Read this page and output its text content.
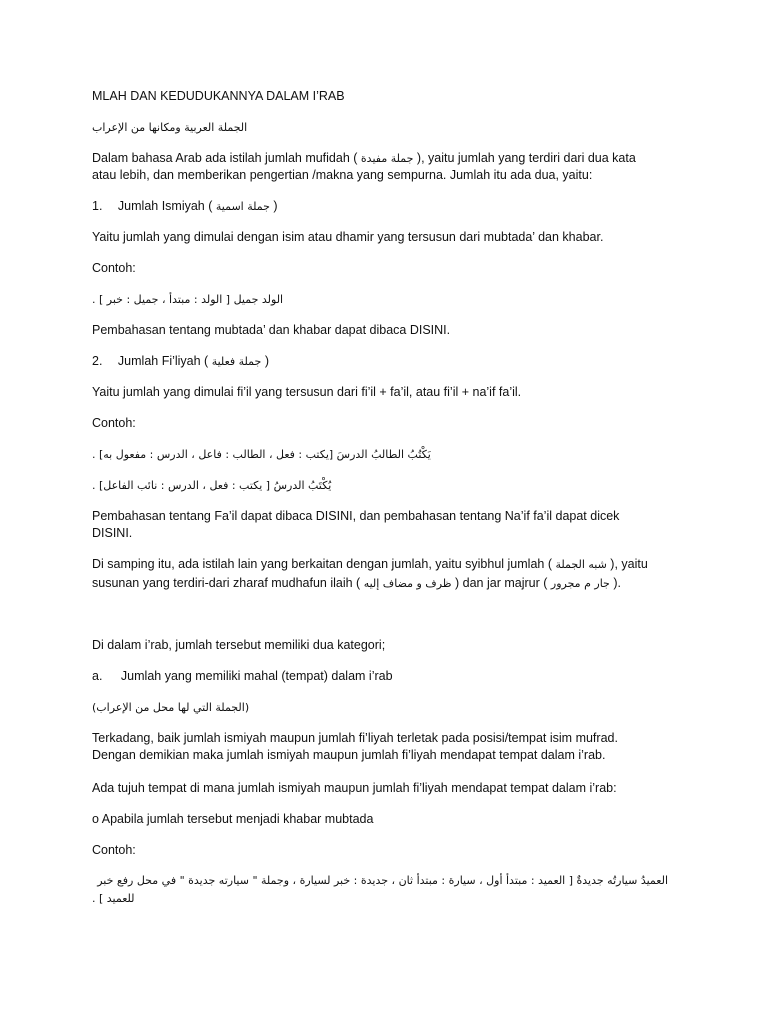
MLAH DAN KEDUDUKANNYA DALAM I’RAB
الجملة العربية ومكانها من الإعراب
Dalam bahasa Arab ada istilah jumlah mufidah ( جملة مفيدة ), yaitu jumlah yang terdiri dari dua kata
atau lebih, dan memberikan pengertian /makna yang sempurna. Jumlah itu ada dua, yaitu:
1. Jumlah Ismiyah ( جملة اسمية )
Yaitu jumlah yang dimulai dengan isim atau dhamir yang tersusun dari mubtada’ dan khabar.
Contoh:
الولد جميل [ الولد : مبتدأ ، جميل : خبر ] .
Pembahasan tentang mubtada’ dan khabar dapat dibaca DISINI.
2. Jumlah Fi’liyah ( جملة فعلية )
Yaitu jumlah yang dimulai fi’il yang tersusun dari fi’il + fa’il, atau fi’il + na’if fa’il.
Contoh:
يَكْتُبُ الطالبُ الدرسَ [يكتب : فعل ، الطالب : فاعل ، الدرس : مفعول به] .
يُكْتَبُ الدرسُ [ يكتب : فعل ، الدرس : نائب الفاعل] .
Pembahasan tentang Fa’il dapat dibaca DISINI, dan pembahasan tentang Na’if fa’il dapat dicek
DISINI.
Di samping itu, ada istilah lain yang berkaitan dengan jumlah, yaitu syibhul jumlah ( شبه الجملة ), yaitu
susunan yang terdiri-dari zharaf mudhafun ilaih ( ظرف و مضاف إليه ) dan jar majrur ( جار م مجرور ).
Di dalam i’rab, jumlah tersebut memiliki dua kategori;
a. Jumlah yang memiliki mahal (tempat) dalam i’rab
(الجملة التي لها محل من الإعراب)
Terkadang, baik jumlah ismiyah maupun jumlah fi’liyah terletak pada posisi/tempat isim mufrad.
Dengan demikian maka jumlah ismiyah maupun jumlah fi’liyah mendapat tempat dalam i’rab.
Ada tujuh tempat di mana jumlah ismiyah maupun jumlah fi’liyah mendapat tempat dalam i’rab:
o Apabila jumlah tersebut menjadi khabar mubtada
Contoh:
العميدُ سيارتُه جديدةٌ [ العميد : مبتدأ أول ، سيارة : مبتدأ ثان ، جديدة : خبر لسيارة ، وجملة " سيارته جديدة " في محل رفع خبر
للعميد ] .
